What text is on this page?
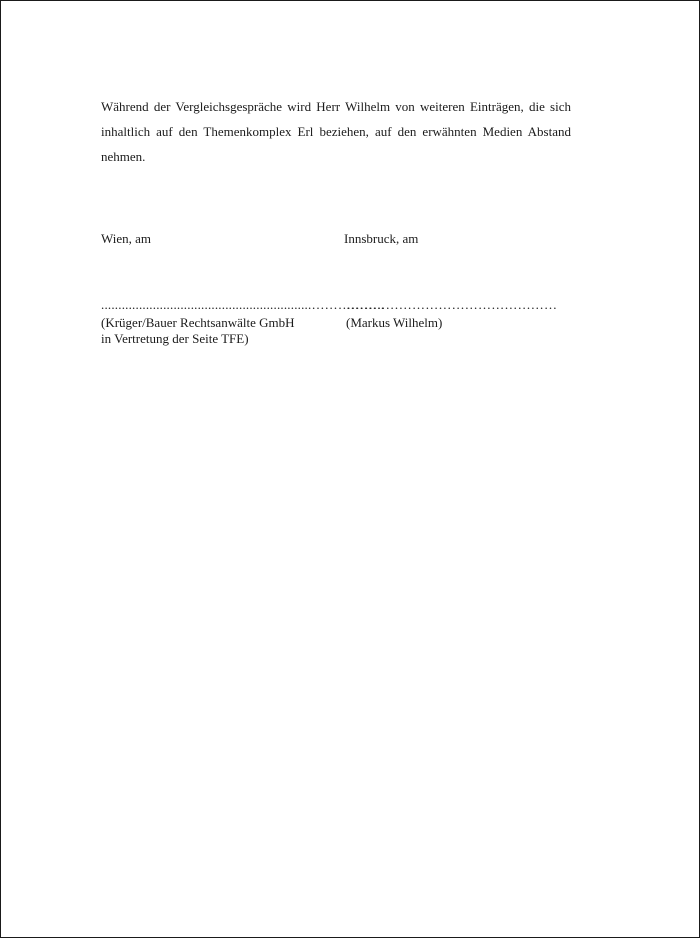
Während der Vergleichsgespräche wird Herr Wilhelm von weiteren Einträgen, die sich
inhaltlich auf den Themenkomplex Erl beziehen, auf den erwähnten Medien Abstand
nehmen.
Wien, am	Innsbruck, am
.............................................................……………..
…………………………………………
(Krüger/Bauer Rechtsanwälte GmbH
in Vertretung der Seite TFE)
(Markus Wilhelm)
